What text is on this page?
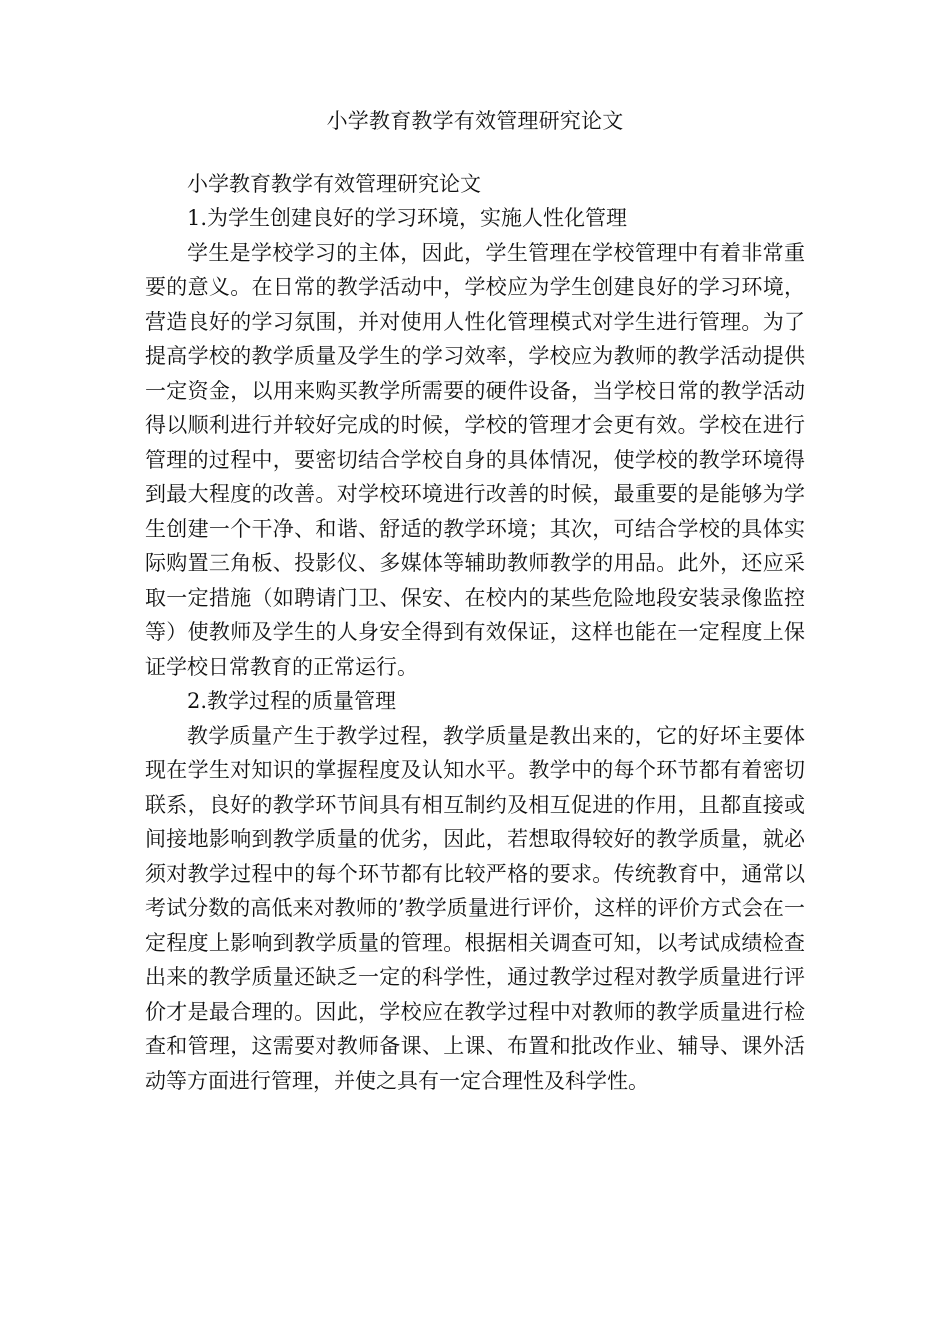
小学教育教学有效管理研究论文

小学教育教学有效管理研究论文

1.为学生创建良好的学习环境，实施人性化管理

学生是学校学习的主体，因此，学生管理在学校管理中有着非常重要的意义。在日常的教学活动中，学校应为学生创建良好的学习环境，营造良好的学习氛围，并对使用人性化管理模式对学生进行管理。为了提高学校的教学质量及学生的学习效率，学校应为教师的教学活动提供一定资金，以用来购买教学所需要的硬件设备，当学校日常的教学活动得以顺利进行并较好完成的时候，学校的管理才会更有效。学校在进行管理的过程中，要密切结合学校自身的具体情况，使学校的教学环境得到最大程度的改善。对学校环境进行改善的时候，最重要的是能够为学生创建一个干净、和谐、舒适的教学环境；其次，可结合学校的具体实际购置三角板、投影仪、多媒体等辅助教师教学的用品。此外，还应采取一定措施（如聘请门卫、保安、在校内的某些危险地段安装录像监控等）使教师及学生的人身安全得到有效保证，这样也能在一定程度上保证学校日常教育的正常运行。

2.教学过程的质量管理

教学质量产生于教学过程，教学质量是教出来的，它的好坏主要体现在学生对知识的掌握程度及认知水平。教学中的每个环节都有着密切联系，良好的教学环节间具有相互制约及相互促进的作用，且都直接或间接地影响到教学质量的优劣，因此，若想取得较好的教学质量，就必须对教学过程中的每个环节都有比较严格的要求。传统教育中，通常以考试分数的高低来对教师的’教学质量进行评价，这样的评价方式会在一定程度上影响到教学质量的管理。根据相关调查可知，以考试成绩检查出来的教学质量还缺乏一定的科学性，通过教学过程对教学质量进行评价才是最合理的。因此，学校应在教学过程中对教师的教学质量进行检查和管理，这需要对教师备课、上课、布置和批改作业、辅导、课外活动等方面进行管理，并使之具有一定合理性及科学性。
